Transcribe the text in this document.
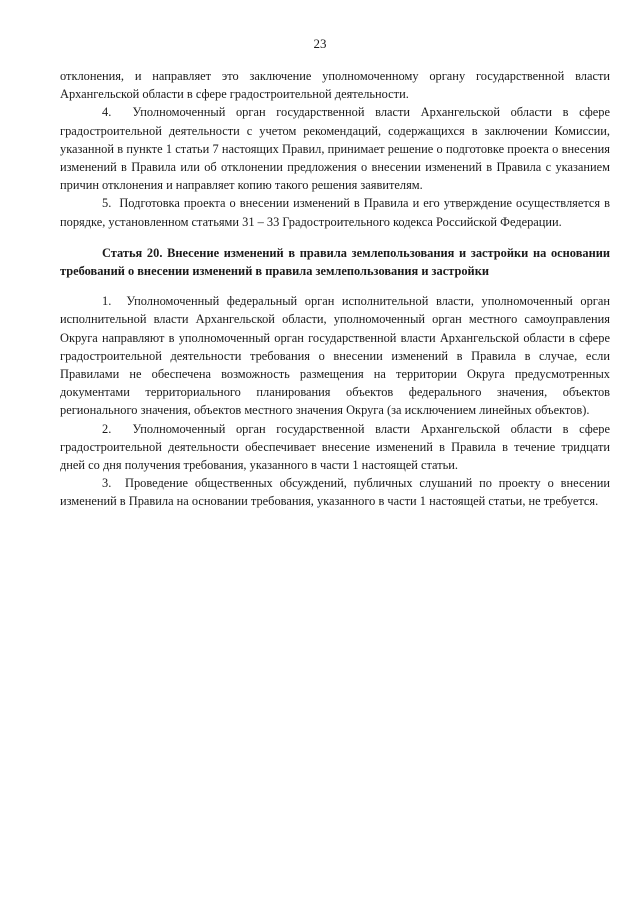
23

отклонения, и направляет это заключение уполномоченному органу государственной власти Архангельской области в сфере градостроительной деятельности.

4.  Уполномоченный орган государственной власти Архангельской области в сфере градостроительной деятельности с учетом рекомендаций, содержащихся в заключении Комиссии, указанной в пункте 1 статьи 7 настоящих Правил, принимает решение о подготовке проекта о внесения изменений в Правила или об отклонении предложения о внесении изменений в Правила с указанием причин отклонения и направляет копию такого решения заявителям.

5.  Подготовка проекта о внесении изменений в Правила и его утверждение осуществляется в порядке, установленном статьями 31 – 33 Градостроительного кодекса Российской Федерации.

Статья 20. Внесение изменений в правила землепользования и застройки на основании требований о внесении изменений в правила землепользования и застройки

1.  Уполномоченный федеральный орган исполнительной власти, уполномоченный орган исполнительной власти Архангельской области, уполномоченный орган местного самоуправления Округа направляют в уполномоченный орган государственной власти Архангельской области в сфере градостроительной деятельности требования о внесении изменений в Правила в случае, если Правилами не обеспечена возможность размещения на территории Округа предусмотренных документами территориального планирования объектов федерального значения, объектов регионального значения, объектов местного значения Округа (за исключением линейных объектов).

2.  Уполномоченный орган государственной власти Архангельской области в сфере градостроительной деятельности обеспечивает внесение изменений в Правила в течение тридцати дней со дня получения требования, указанного в части 1 настоящей статьи.

3.  Проведение общественных обсуждений, публичных слушаний по проекту о внесении изменений в Правила на основании требования, указанного в части 1 настоящей статьи, не требуется.
